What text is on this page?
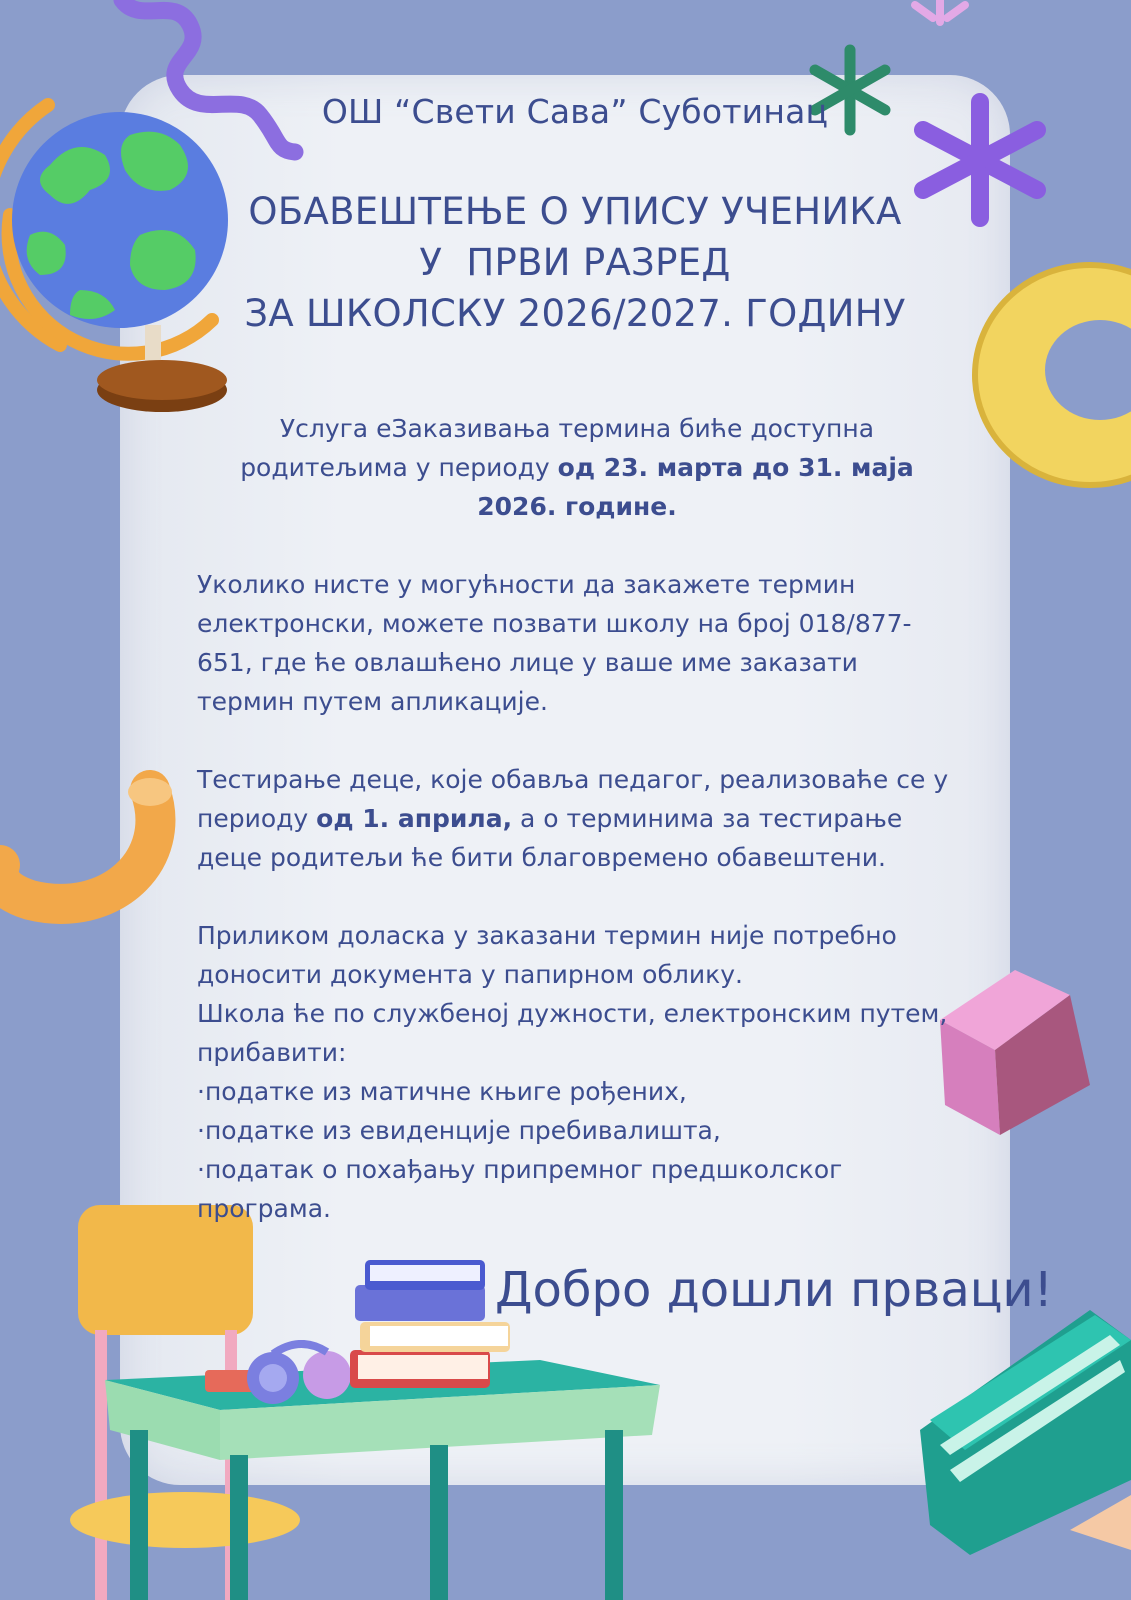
ОШ “Свети Сава” Суботинац
ОБАВЕШТЕЊЕ О УПИСУ УЧЕНИКА
У  ПРВИ РАЗРЕД
ЗА ШКОЛСКУ 2026/2027. ГОДИНУ
Услуга еЗаказивања термина биће доступна родитељима у периоду од 23. марта до 31. маја 2026. године.
Уколико нисте у могућности да закажете термин електронски, можете позвати школу на број 018/877-651, где ће овлашћено лице у ваше име заказати термин путем апликације.
Тестирање деце, које обавља педагог, реализоваће се у периоду од 1. априла, а о терминима за тестирање деце родитељи ће бити благовремено обавештени.
Приликом доласка у заказани термин није потребно доносити документа у папирном облику.
Школа ће по службеној дужности, електронским путем, прибавити:
·податке из матичне књиге рођених,
·податке из евиденције пребивалишта,
·податак о похађању припремног предшколског програма.
Добро дошли прваци!
